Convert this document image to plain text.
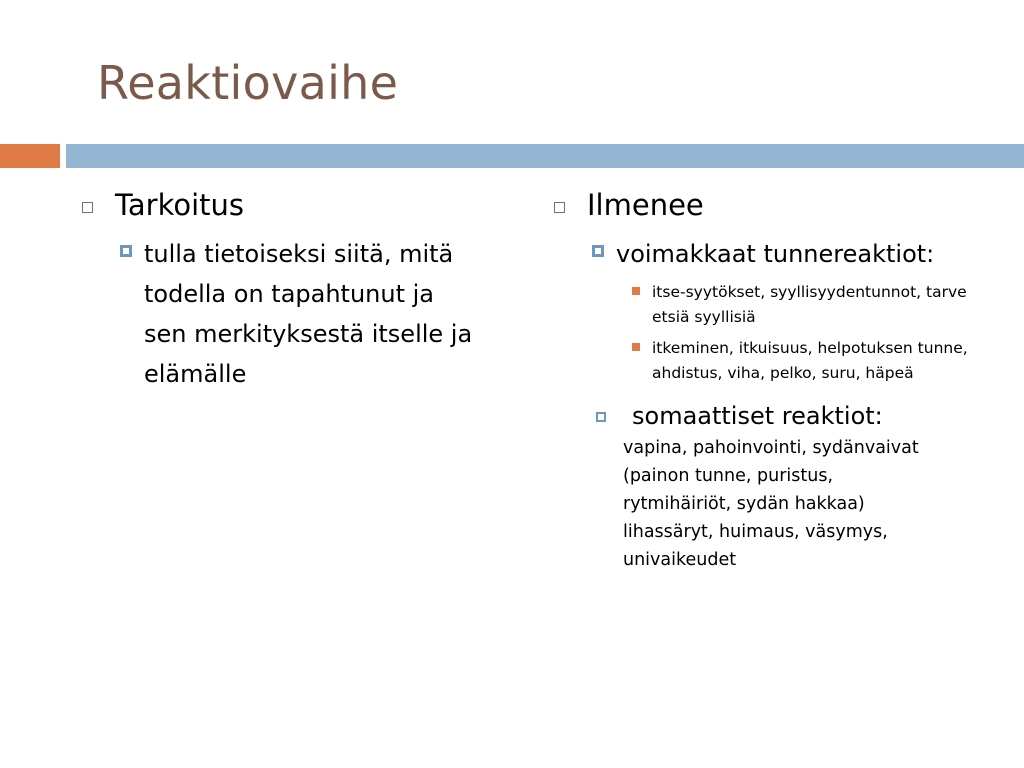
Reaktiovaihe
Tarkoitus
tulla tietoiseksi siitä, mitä todella on tapahtunut ja sen merkityksestä itselle ja elämälle
Ilmenee
voimakkaat tunnereaktiot:
itse-syytökset, syyllisyydentunnot, tarve etsiä syyllisiä
itkeminen, itkuisuus, helpotuksen tunne, ahdistus, viha, pelko, suru, häpeä
somaattiset reaktiot:
vapina, pahoinvointi, sydänvaivat
(painon tunne, puristus,
rytmihäiriöt, sydän hakkaa)
lihassäryt, huimaus, väsymys,
univaikeudet
